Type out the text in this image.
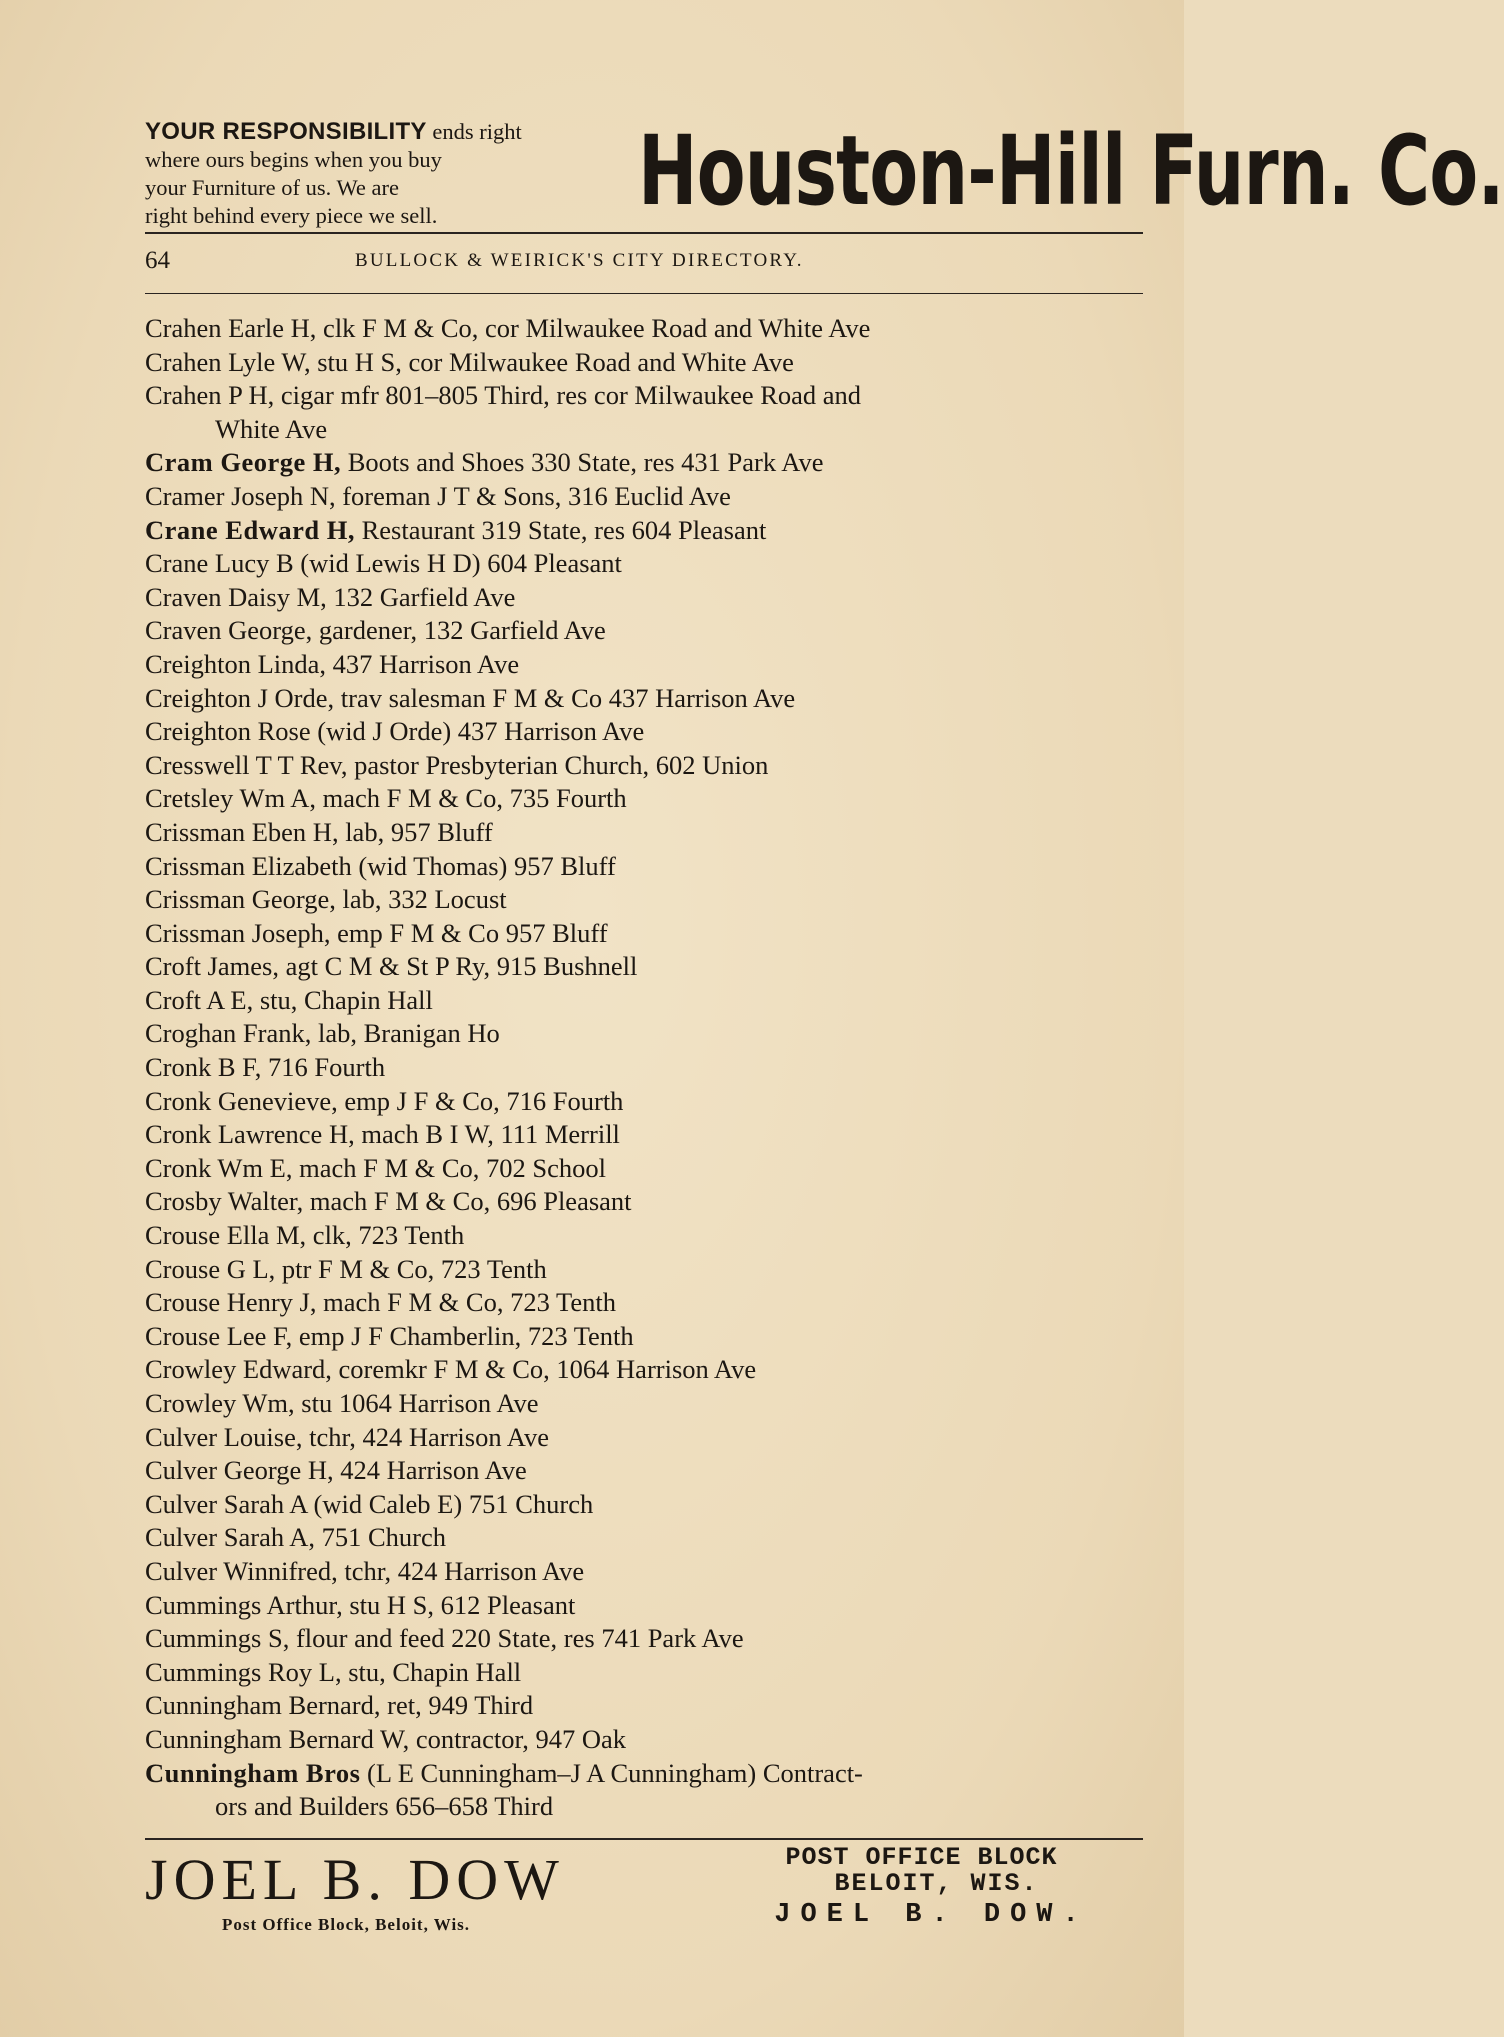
YOUR RESPONSIBILITY ends right
where ours begins when you buy
your Furniture of us. We are
right behind every piece we sell.	Houston-Hill Furn. Co.
64	BULLOCK & WEIRICK'S CITY DIRECTORY.
Crahen Earle H, clk F M & Co, cor Milwaukee Road and White Ave
Crahen Lyle W, stu H S, cor Milwaukee Road and White Ave
Crahen P H, cigar mfr 801–805 Third, res cor Milwaukee Road and
White Ave
Cram George H, Boots and Shoes 330 State, res 431 Park Ave
Cramer Joseph N, foreman J T & Sons, 316 Euclid Ave
Crane Edward H, Restaurant 319 State, res 604 Pleasant
Crane Lucy B (wid Lewis H D) 604 Pleasant
Craven Daisy M, 132 Garfield Ave
Craven George, gardener, 132 Garfield Ave
Creighton Linda, 437 Harrison Ave
Creighton J Orde, trav salesman F M & Co 437 Harrison Ave
Creighton Rose (wid J Orde) 437 Harrison Ave
Cresswell T T Rev, pastor Presbyterian Church, 602 Union
Cretsley Wm A, mach F M & Co, 735 Fourth
Crissman Eben H, lab, 957 Bluff
Crissman Elizabeth (wid Thomas) 957 Bluff
Crissman George, lab, 332 Locust
Crissman Joseph, emp F M & Co 957 Bluff
Croft James, agt C M & St P Ry, 915 Bushnell
Croft A E, stu, Chapin Hall
Croghan Frank, lab, Branigan Ho
Cronk B F, 716 Fourth
Cronk Genevieve, emp J F & Co, 716 Fourth
Cronk Lawrence H, mach B I W, 111 Merrill
Cronk Wm E, mach F M & Co, 702 School
Crosby Walter, mach F M & Co, 696 Pleasant
Crouse Ella M, clk, 723 Tenth
Crouse G L, ptr F M & Co, 723 Tenth
Crouse Henry J, mach F M & Co, 723 Tenth
Crouse Lee F, emp J F Chamberlin, 723 Tenth
Crowley Edward, coremkr F M & Co, 1064 Harrison Ave
Crowley Wm, stu 1064 Harrison Ave
Culver Louise, tchr, 424 Harrison Ave
Culver George H, 424 Harrison Ave
Culver Sarah A (wid Caleb E) 751 Church
Culver Sarah A, 751 Church
Culver Winnifred, tchr, 424 Harrison Ave
Cummings Arthur, stu H S, 612 Pleasant
Cummings S, flour and feed 220 State, res 741 Park Ave
Cummings Roy L, stu, Chapin Hall
Cunningham Bernard, ret, 949 Third
Cunningham Bernard W, contractor, 947 Oak
Cunningham Bros (L E Cunningham–J A Cunningham) Contract-
ors and Builders 656–658 Third
JOEL B. DOW
Post Office Block, Beloit, Wis.
POST OFFICE BLOCK
BELOIT, WIS.
JOEL B. DOW.
